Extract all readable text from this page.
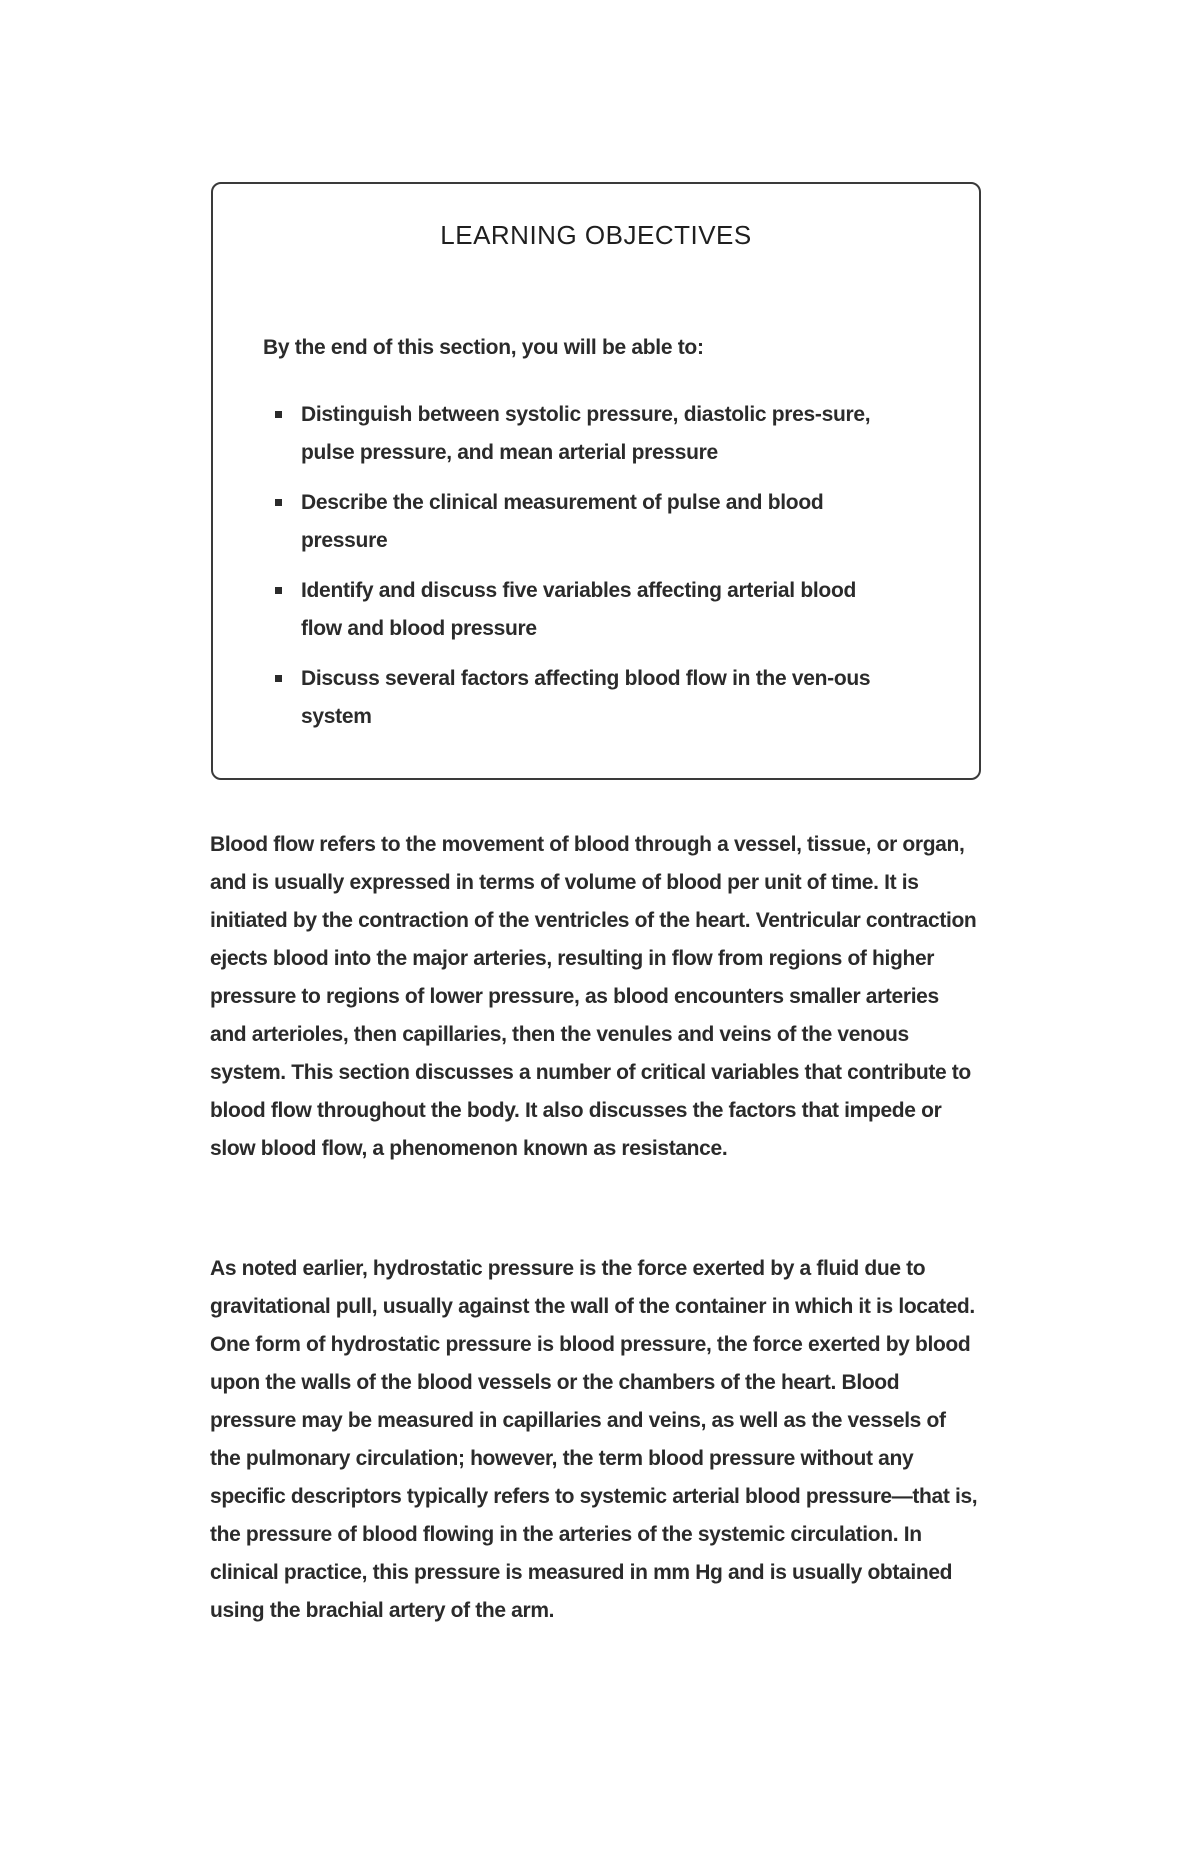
LEARNING OBJECTIVES

By the end of this section, you will be able to:

Distinguish between systolic pressure, diastolic pres-sure, pulse pressure, and mean arterial pressure
Describe the clinical measurement of pulse and blood pressure
Identify and discuss five variables affecting arterial blood flow and blood pressure
Discuss several factors affecting blood flow in the ven-ous system

Blood flow refers to the movement of blood through a vessel, tissue, or organ, and is usually expressed in terms of volume of blood per unit of time. It is initiated by the contraction of the ventricles of the heart. Ventricular contraction ejects blood into the major arteries, resulting in flow from regions of higher pressure to regions of lower pressure, as blood encounters smaller arteries and arterioles, then capillaries, then the venules and veins of the venous system. This section discusses a number of critical variables that contribute to blood flow throughout the body. It also discusses the factors that impede or slow blood flow, a phenomenon known as resistance.

As noted earlier, hydrostatic pressure is the force exerted by a fluid due to gravitational pull, usually against the wall of the container in which it is located. One form of hydrostatic pressure is blood pressure, the force exerted by blood upon the walls of the blood vessels or the chambers of the heart. Blood pressure may be measured in capillaries and veins, as well as the vessels of the pulmonary circulation; however, the term blood pressure without any specific descriptors typically refers to systemic arterial blood pressure—that is, the pressure of blood flowing in the arteries of the systemic circulation. In clinical practice, this pressure is measured in mm Hg and is usually obtained using the brachial artery of the arm.
